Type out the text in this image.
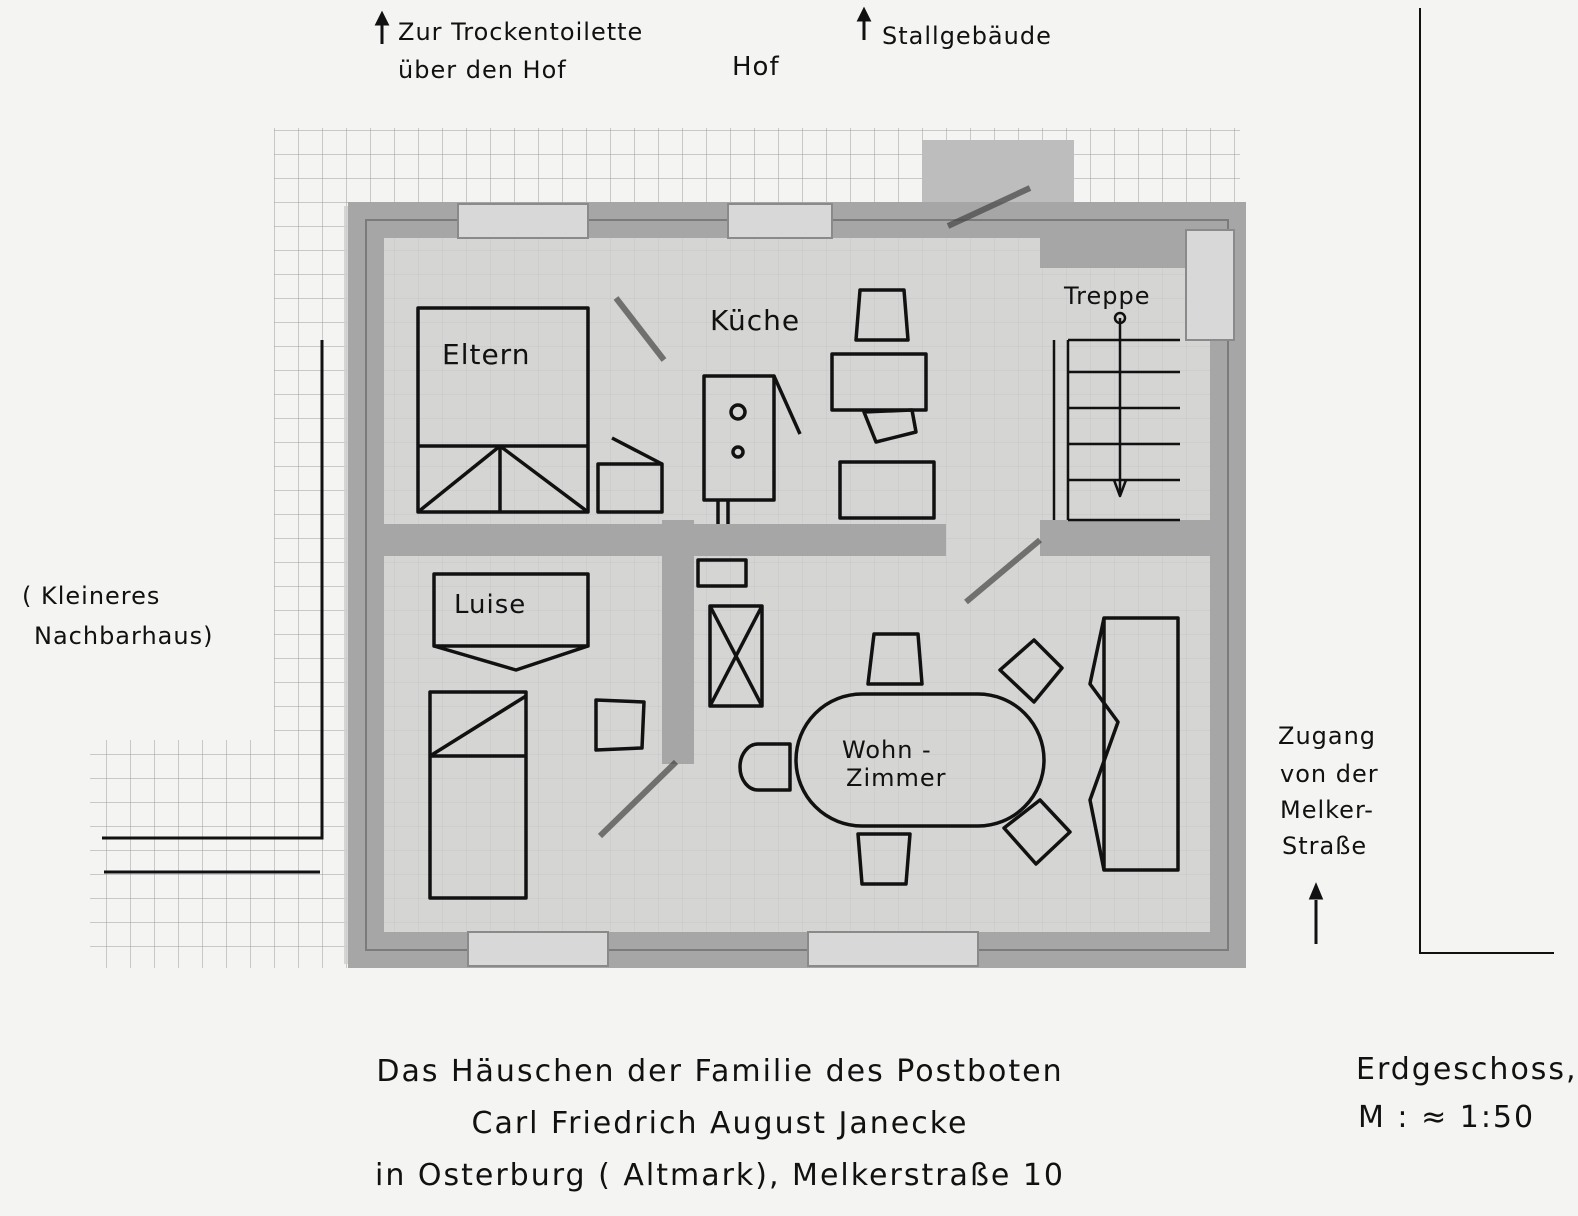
Zur Trockentoilette
über den Hof	Hof
Stallgebäude
Eltern
Küche
Treppe
Luise
Wohn -
Zimmer
( Kleineres
Nachbarhaus)
Zugang
von der
Melker-
Straße
Das Häuschen der Familie des Postboten
Carl Friedrich August Janecke
in Osterburg ( Altmark), Melkerstraße 10
Erdgeschoss,
M : ≈ 1:50
